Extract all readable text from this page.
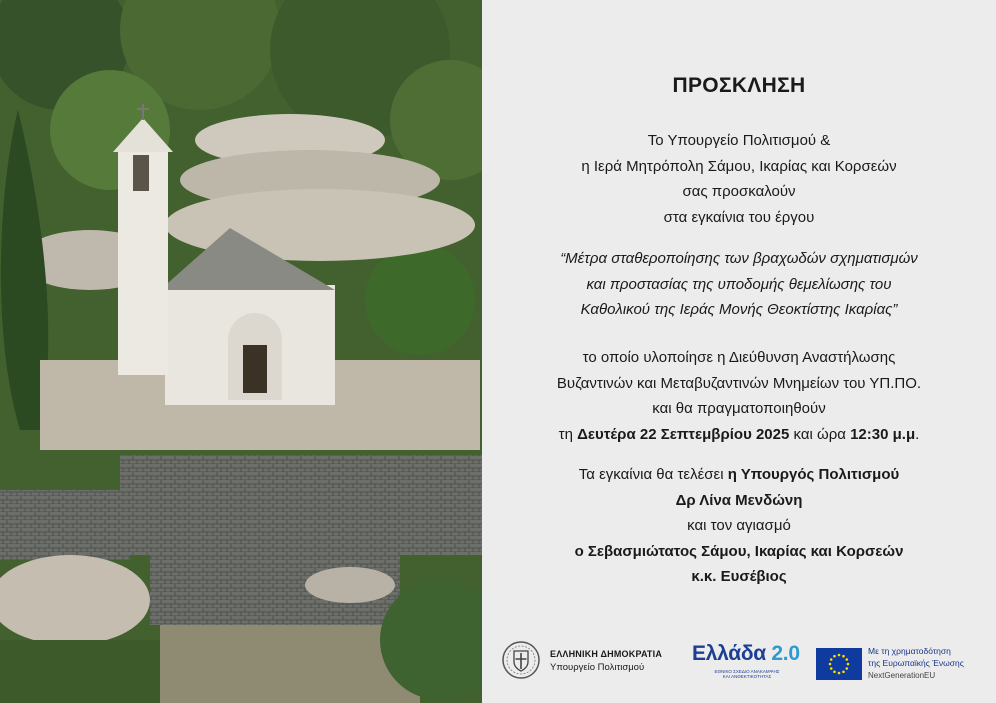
ΠΡΟΣΚΛΗΣΗ
Το Υπουργείο Πολιτισμού &
η Ιερά Μητρόπολη Σάμου, Ικαρίας και Κορσεών
σας προσκαλούν
στα εγκαίνια του έργου
“Μέτρα σταθεροποίησης των βραχωδών σχηματισμών
και προστασίας της υποδομής θεμελίωσης του
Καθολικού της Ιεράς Μονής Θεοκτίστης Ικαρίας”
το οποίο υλοποίησε η Διεύθυνση Αναστήλωσης
Βυζαντινών και Μεταβυζαντινών Μνημείων του ΥΠ.ΠΟ.
και θα πραγματοποιηθούν
τη Δευτέρα 22 Σεπτεμβρίου 2025 και ώρα 12:30 μ.μ.
Τα εγκαίνια θα τελέσει η Υπουργός Πολιτισμού
Δρ Λίνα Μενδώνη
και τον αγιασμό
ο Σεβασμιώτατος Σάμου, Ικαρίας και Κορσεών
κ.κ. Ευσέβιος
ΕΛΛΗΝΙΚΗ ΔΗΜΟΚΡΑΤΙΑ
Υπουργείο Πολιτισμού
Ελλάδα 2.0
ΕΘΝΙΚΟ ΣΧΕΔΙΟ ΑΝΑΚΑΜΨΗΣ
ΚΑΙ ΑΝΘΕΚΤΙΚΟΤΗΤΑΣ
Με τη χρηματοδότηση
της Ευρωπαϊκής Ένωσης
NextGenerationEU
